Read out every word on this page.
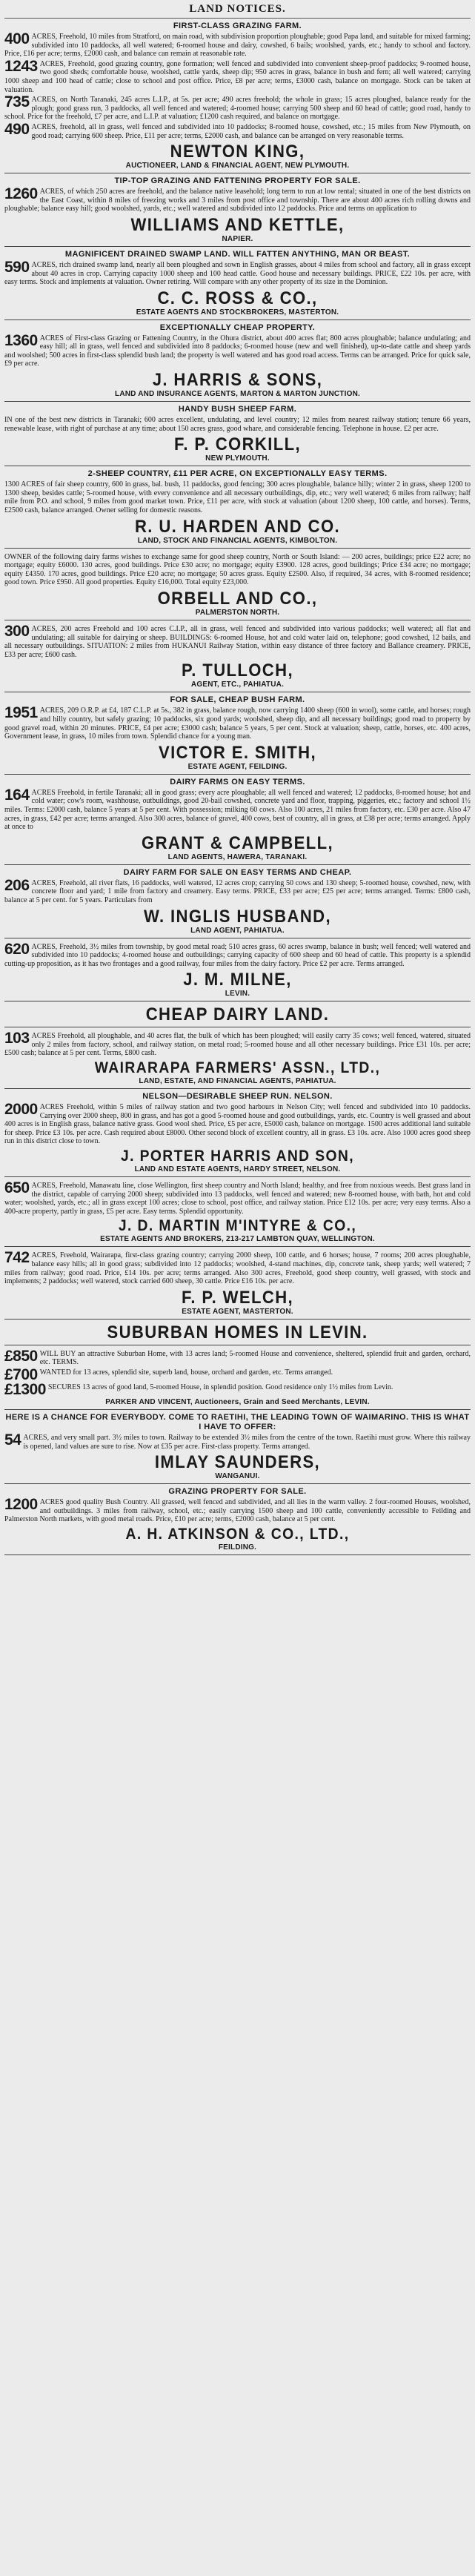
LAND NOTICES.
FIRST-CLASS GRAZING FARM.
400 ACRES, Freehold, 10 miles from Stratford, on main road, with subdivision proportion ploughable; good Papa land, and suitable for mixed farming; subdivided into 10 paddocks, all well watered; 6-roomed house and dairy, cowshed, 6 bails; woolshed, yards, etc.; handy to school and factory. Price, £16 per acre; terms, £2000 cash, and balance can remain at reasonable rate.
1243 ACRES, Freehold, good grazing country, gone formation; well fenced and subdivided into convenient sheep-proof paddocks; 9-roomed house, two good sheds; comfortable house, woolshed, cattle yards, sheep dip; 950 acres in grass, balance in bush and fern; all well watered; carrying 1000 sheep and 100 head of cattle; close to school and post office. Price, £8 per acre; terms, £3000 cash, balance on mortgage. Stock can be taken at valuation.
735 ACRES, on North Taranaki, 245 acres L.I.P., at 5s. per acre; 490 acres freehold; the whole in grass; 15 acres ploughed, balance ready for the plough; good grass run, 3 paddocks, all well fenced and watered; 4-roomed house; carrying 500 sheep and 60 head of cattle; good road, handy to school. Price for the freehold, £7 per acre, and L.I.P. at valuation; £1200 cash required, and balance on mortgage.
490 ACRES, freehold, all in grass, well fenced and subdivided into 10 paddocks; 8-roomed house, cowshed, etc.; 15 miles from New Plymouth, on good road; carrying 600 sheep. Price, £11 per acre; terms, £2000 cash, and balance can be arranged on very reasonable terms.
NEWTON KING,
AUCTIONEER, LAND & FINANCIAL AGENT, NEW PLYMOUTH.
TIP-TOP GRAZING AND FATTENING PROPERTY FOR SALE.
1260 ACRES, of which 250 acres are freehold, and the balance native leasehold; long term to run at low rental; situated in one of the best districts on the East Coast, within 8 miles of freezing works and 3 miles from post office and township. There are about 400 acres rich rolling downs and ploughable; balance easy hill; good woolshed, yards, etc.; well watered and subdivided into 12 paddocks. Price and terms on application to
WILLIAMS AND KETTLE,
NAPIER.
MAGNIFICENT DRAINED SWAMP LAND. WILL FATTEN ANYTHING, MAN OR BEAST.
590 ACRES, rich drained swamp land, nearly all been ploughed and sown in English grasses, about 4 miles from school and factory, all in grass except about 40 acres in crop. Carrying capacity 1000 sheep and 100 head cattle. Good house and necessary buildings. PRICE, £22 10s. per acre, with easy terms. Stock and implements at valuation. Owner retiring. Will compare with any other property of its size in the Dominion.
C. C. ROSS & CO.,
ESTATE AGENTS AND STOCKBROKERS, MASTERTON.
EXCEPTIONALLY CHEAP PROPERTY.
1360 ACRES of First-class Grazing or Fattening Country, in the Ohura district, about 400 acres flat; 800 acres ploughable; balance undulating; and easy hill; all in grass, well fenced and subdivided into 8 paddocks; 6-roomed house (new and well finished), up-to-date cattle and sheep yards and woolshed; 500 acres in first-class splendid bush land; the property is well watered and has good road access. Terms can be arranged. Price for quick sale, £9 per acre.
J. HARRIS & SONS,
LAND AND INSURANCE AGENTS, MARTON & MARTON JUNCTION.
HANDY BUSH SHEEP FARM.
IN one of the best new districts in Taranaki; 600 acres excellent, undulating, and level country; 12 miles from nearest railway station; tenure 66 years, renewable lease, with right of purchase at any time; about 150 acres grass, good whare, and considerable fencing. Telephone in house. £2 per acre.
F. P. CORKILL,
NEW PLYMOUTH.
2-SHEEP COUNTRY, £11 PER ACRE, ON EXCEPTIONALLY EASY TERMS.
1300 ACRES of fair sheep country, 600 in grass, bal. bush, 11 paddocks, good fencing; 300 acres ploughable, balance hilly; winter 2 in grass, sheep 1200 to 1300 sheep, besides cattle; 5-roomed house, with every convenience and all necessary outbuildings, dip, etc.; very well watered; 6 miles from railway; half mile from P.O. and school, 9 miles from good market town. Price, £11 per acre, with stock at valuation (about 1200 sheep, 100 cattle, and horses). Terms, £2500 cash, balance arranged. Owner selling for domestic reasons.
R. U. HARDEN AND CO.
LAND, STOCK AND FINANCIAL AGENTS, KIMBOLTON.
OWNER of the following dairy farms wishes to exchange same for good sheep country, North or South Island: — 200 acres, buildings; price £22 acre; no mortgage; equity £6000. 130 acres, good buildings. Price £30 acre; no mortgage; equity £3900. 128 acres, good buildings; Price £34 acre; no mortgage; equity £4350. 170 acres, good buildings. Price £20 acre; no mortgage; 50 acres grass. Equity £2500. Also, if required, 34 acres, with 8-roomed residence; good town. Price £950. All good properties. Equity £16,000. Total equity £23,000.
ORBELL AND CO.,
PALMERSTON NORTH.
300 ACRES, 200 acres Freehold and 100 acres C.I.P., all in grass, well fenced and subdivided into various paddocks; well watered; all flat and undulating; all suitable for dairying or sheep. BUILDINGS: 6-roomed House, hot and cold water laid on, telephone; good cowshed, 12 bails, and all necessary outbuildings. SITUATION: 2 miles from HUKANUI Railway Station, within easy distance of three factory and Ballance creamery. PRICE, £33 per acre; £600 cash.
P. TULLOCH,
AGENT, ETC., PAHIATUA.
FOR SALE, CHEAP BUSH FARM.
1951 ACRES, 209 O.R.P. at £4, 187 C.L.P. at 5s., 382 in grass, balance rough, now carrying 1400 sheep (600 in wool), some cattle, and horses; rough and hilly country, but safely grazing; 10 paddocks, six good yards; woolshed, sheep dip, and all necessary buildings; good road to property by good gravel road, within 20 minutes. PRICE, £4 per acre; £3000 cash; balance 5 years, 5 per cent. Stock at valuation; sheep, cattle, horses, etc. 400 acres, Government lease, in grass, 10 miles from town. Splendid chance for a young man.
VICTOR E. SMITH,
ESTATE AGENT, FEILDING.
DAIRY FARMS ON EASY TERMS.
164 ACRES Freehold, in fertile Taranaki; all in good grass; every acre ploughable; all well fenced and watered; 12 paddocks, 8-roomed house; hot and cold water; cow's room, washhouse, outbuildings, good 20-bail cowshed, concrete yard and floor, trapping, piggeries, etc.; factory and school 1½ miles. Terms: £2000 cash, balance 5 years at 5 per cent. With possession; milking 60 cows. Also 100 acres, 21 miles from factory, etc. £30 per acre. Also 47 acres, in grass, £42 per acre; terms arranged. Also 300 acres, balance of gravel, 400 cows, best of country, all in grass, at £38 per acre; terms arranged. Apply at once to
GRANT & CAMPBELL,
LAND AGENTS, HAWERA, TARANAKI.
DAIRY FARM FOR SALE ON EASY TERMS AND CHEAP.
206 ACRES, Freehold, all river flats, 16 paddocks, well watered, 12 acres crop; carrying 50 cows and 130 sheep; 5-roomed house, cowshed, new, with concrete floor and yard; 1 mile from factory and creamery. Easy terms. PRICE, £33 per acre; £25 per acre; terms arranged. Terms: £800 cash, balance at 5 per cent. for 5 years. Particulars from
W. INGLIS HUSBAND,
LAND AGENT, PAHIATUA.
620 ACRES, Freehold, 3½ miles from township, by good metal road; 510 acres grass, 60 acres swamp, balance in bush; well fenced; well watered and subdivided into 10 paddocks; 4-roomed house and outbuildings; carrying capacity of 600 sheep and 60 head of cattle. This property is a splendid cutting-up proposition, as it has two frontages and a good railway, four miles from the dairy factory. Price £2 per acre. Terms arranged.
J. M. MILNE,
LEVIN.
CHEAP DAIRY LAND.
103 ACRES Freehold, all ploughable, and 40 acres flat, the bulk of which has been ploughed; will easily carry 35 cows; well fenced, watered, situated only 2 miles from factory, school, and railway station, on metal road; 5-roomed house and all other necessary buildings. Price £31 10s. per acre; £500 cash; balance at 5 per cent. Terms, £800 cash.
WAIRARAPA FARMERS' ASSN., LTD.,
LAND, ESTATE, AND FINANCIAL AGENTS, PAHIATUA.
NELSON—DESIRABLE SHEEP RUN. NELSON.
2000 ACRES Freehold, within 5 miles of railway station and two good harbours in Nelson City; well fenced and subdivided into 10 paddocks. Carrying over 2000 sheep, 800 in grass, and has got a good 5-roomed house and good outbuildings, yards, etc. Country is well grassed and about 400 acres is in English grass, balance native grass. Good wool shed. Price, £5 per acre, £5000 cash, balance on mortgage. 1500 acres additional land suitable for sheep. Price £3 10s. per acre. Cash required about £8000. Other second block of excellent country, all in grass. £3 10s. acre. Also 1000 acres good sheep run in this district close to town.
J. PORTER HARRIS AND SON,
LAND AND ESTATE AGENTS, HARDY STREET, NELSON.
650 ACRES, Freehold, Manawatu line, close Wellington, first sheep country and North Island; healthy, and free from noxious weeds. Best grass land in the district, capable of carrying 2000 sheep; subdivided into 13 paddocks, well fenced and watered; new 8-roomed house, with bath, hot and cold water; woolshed, yards, etc.; all in grass except 100 acres; close to school, post office, and railway station. Price £12 10s. per acre; very easy terms. Also a 400-acre property, partly in grass, £5 per acre. Easy terms. Splendid opportunity.
J. D. MARTIN M'INTYRE & CO.,
ESTATE AGENTS AND BROKERS, 213-217 LAMBTON QUAY, WELLINGTON.
742 ACRES, Freehold, Wairarapa, first-class grazing country; carrying 2000 sheep, 100 cattle, and 6 horses; house, 7 rooms; 200 acres ploughable, balance easy hills; all in good grass; subdivided into 12 paddocks; woolshed, 4-stand machines, dip, concrete tank, sheep yards; well watered; 7 miles from railway; good road. Price, £14 10s. per acre; terms arranged. Also 300 acres, Freehold, good sheep country, well grassed, with stock and implements; 2 paddocks; well watered, stock carried 600 sheep, 30 cattle. Price £16 10s. per acre.
F. P. WELCH,
ESTATE AGENT, MASTERTON.
SUBURBAN HOMES IN LEVIN.
£850 WILL BUY an attractive Suburban Home, with 13 acres land; 5-roomed House and convenience, sheltered, splendid fruit and garden, orchard, etc. TERMS.
£700 WANTED for 13 acres, splendid site, superb land, house, orchard and garden, etc. Terms arranged.
£1300 SECURES 13 acres of good land, 5-roomed House, in splendid position. Good residence only 1½ miles from Levin.
PARKER AND VINCENT, Auctioneers, Grain and Seed Merchants, LEVIN.
HERE IS A CHANCE FOR EVERYBODY. COME TO RAETIHI, THE LEADING TOWN OF WAIMARINO. THIS IS WHAT I HAVE TO OFFER:
54 ACRES, and very small part. 3½ miles to town. Railway to be extended 3½ miles from the centre of the town. Raetihi must grow. Where this railway is opened, land values are sure to rise. Now at £35 per acre. First-class property. Terms arranged.
IMLAY SAUNDERS,
WANGANUI.
GRAZING PROPERTY FOR SALE.
1200 ACRES good quality Bush Country. All grassed, well fenced and subdivided, and all lies in the warm valley. 2 four-roomed Houses, woolshed, and outbuildings. 3 miles from railway, school, etc.; easily carrying 1500 sheep and 100 cattle, conveniently accessible to Feilding and Palmerston North markets, with good metal roads. Price, £10 per acre; terms, £2000 cash, balance at 5 per cent.
A. H. ATKINSON & CO., LTD.,
FEILDING.
